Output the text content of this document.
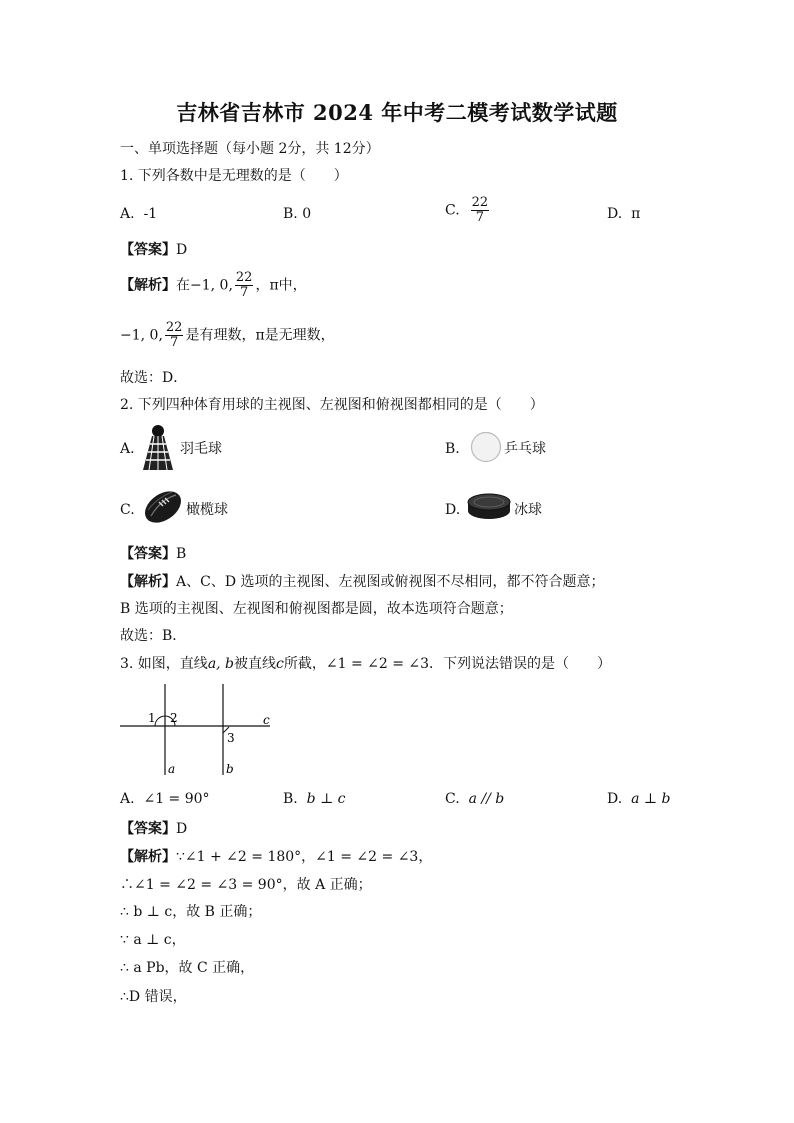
吉林省吉林市 2024 年中考二模考试数学试题
一、单项选择题（每小题 2分，共 12分）
1. 下列各数中是无理数的是（　　）
A. -1	B. 0	C. $\frac{22}{7}$	D. π
【答案】D
【解析】在−1, 0, $\frac{22}{7}$ ，π中，
−1, 0, $\frac{22}{7}$ 是有理数，π是无理数，
故选：D．
2. 下列四种体育用球的主视图、左视图和俯视图都相同的是（　　）
A.	羽毛球	B.	乒乓球
C.	橄榄球	D.	冰球
【答案】B
【解析】A、C、D 选项的主视图、左视图或俯视图不尽相同，都不符合题意；
B 选项的主视图、左视图和俯视图都是圆，故本选项符合题意；
故选：B．
3. 如图，直线a, b被直线c所截，∠1 = ∠2 = ∠3．下列说法错误的是（　　）
1 2
3
a	b
c
A. ∠1 = 90°	B. b ⊥ c	C. a // b	D. a ⊥ b
【答案】D
【解析】∵∠1 + ∠2 = 180°，∠1 = ∠2 = ∠3，
∴∠1 = ∠2 = ∠3 = 90°，故 A 正确；
∴ b ⊥ c，故 B 正确；
∵ a ⊥ c，
∴ a Pb，故 C 正确，
∴D 错误，
